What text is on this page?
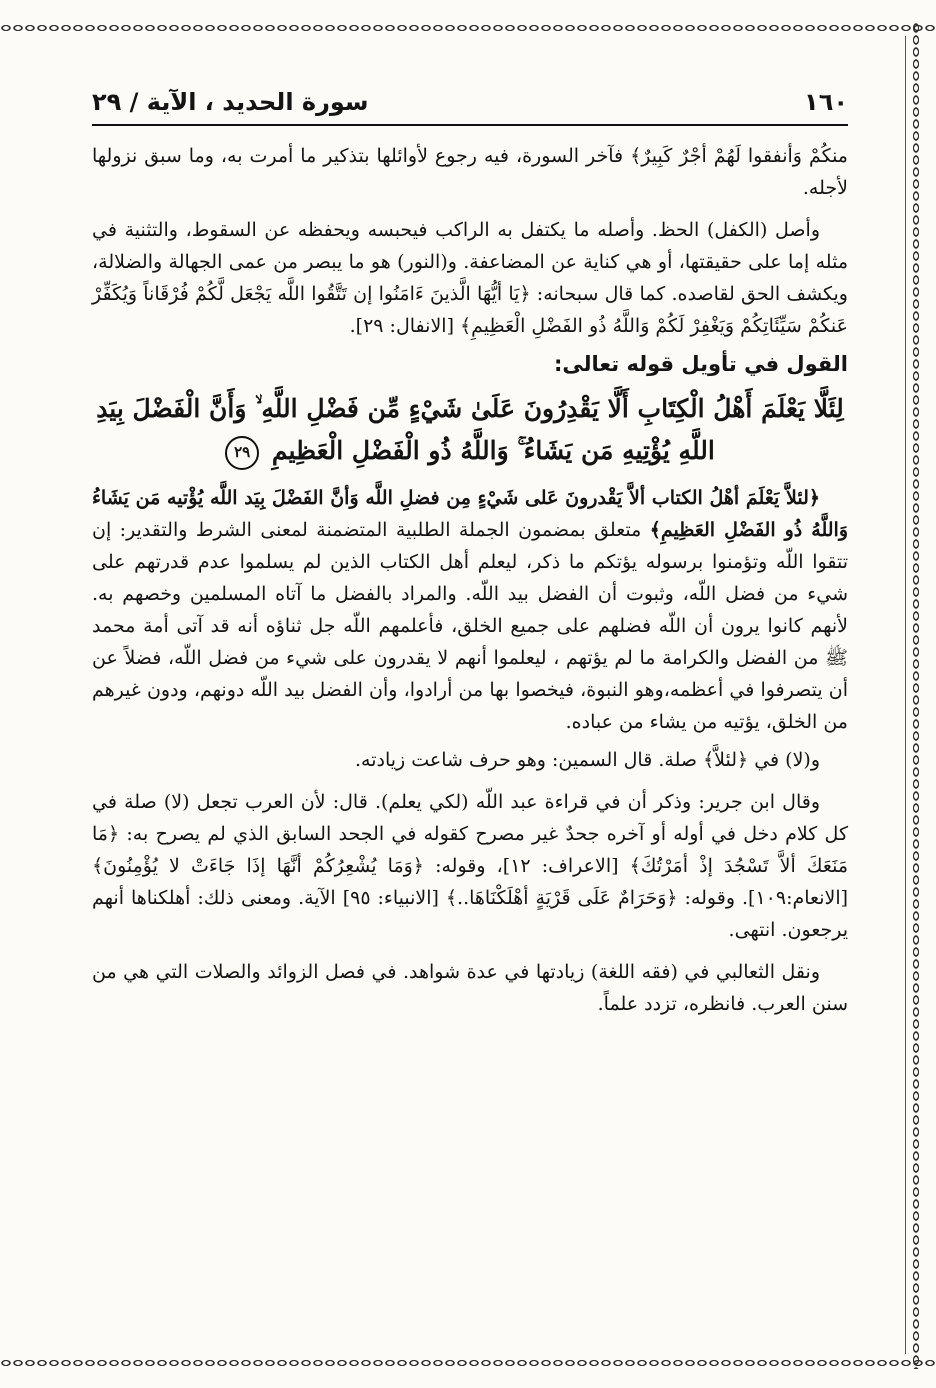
١٦٠
سورة الحديد ، الآية / ٢٩

منكُمْ وَأنفقوا لَهُمْ أجْرٌ كَبِيرٌ﴾ فآخر السورة، فيه رجوع لأوائلها بتذكير ما أمرت به، وما سبق نزولها لأجله.

وأصل (الكفل) الحظ. وأصله ما يكتفل به الراكب فيحبسه ويحفظه عن السقوط، والتثنية في مثله إما على حقيقتها، أو هي كناية عن المضاعفة. و(النور) هو ما يبصر من عمى الجهالة والضلالة، ويكشف الحق لقاصده. كما قال سبحانه: ﴿يَا أيُّهَا الَّذينَ ءَامَنُوا إن تَتَّقُوا اللَّه يَجْعَل لَّكُمْ فُرْقَاناً وَيُكَفِّرْ عَنكُمْ سَيِّئَاتِكُمْ وَيَغْفِرْ لَكُمْ وَاللَّهُ ذُو الفَضْلِ الْعَظِيمِ﴾ [الانفال: ٢٩].

القول في تأويل قوله تعالى:
لِئَلَّا يَعْلَمَ أَهْلُ الْكِتَابِ أَلَّا يَقْدِرُونَ عَلَىٰ شَيْءٍ مِّن فَضْلِ اللَّهِ ۙ وَأَنَّ الْفَضْلَ بِيَدِ اللَّهِ يُؤْتِيهِ مَن يَشَاءُ ۚ وَاللَّهُ ذُو الْفَضْلِ الْعَظِيمِ ٢٩

﴿لئلاَّ يَعْلَمَ أهْلُ الكتاب ألاَّ يَقْدرونَ عَلى شَيْءٍ مِن فضلِ اللَّه وَأنَّ الفَضْلَ بِيَد اللَّه يُؤْتيه مَن يَشَاءُ وَاللَّهُ ذُو الفَضْلِ العَظِيمِ﴾ متعلق بمضمون الجملة الطلبية المتضمنة لمعنى الشرط والتقدير: إن تتقوا اللّه وتؤمنوا برسوله يؤتكم ما ذكر، ليعلم أهل الكتاب الذين لم يسلموا عدم قدرتهم على شيء من فضل اللّه، وثبوت أن الفضل بيد اللّه. والمراد بالفضل ما آتاه المسلمين وخصهم به. لأنهم كانوا يرون أن اللّه فضلهم على جميع الخلق، فأعلمهم اللّه جل ثناؤه أنه قد آتى أمة محمد ﷺ من الفضل والكرامة ما لم يؤتهم ، ليعلموا أنهم لا يقدرون على شيء من فضل اللّه، فضلاً عن أن يتصرفوا في أعظمه،وهو النبوة، فيخصوا بها من أرادوا، وأن الفضل بيد اللّه دونهم، ودون غيرهم من الخلق، يؤتيه من يشاء من عباده.

و(لا) في ﴿لئلاَّ﴾ صلة. قال السمين: وهو حرف شاعت زيادته.

وقال ابن جرير: وذكر أن في قراءة عبد اللّه (لكي يعلم). قال: لأن العرب تجعل (لا) صلة في كل كلام دخل في أوله أو آخره جحدٌ غير مصرح كقوله في الجحد السابق الذي لم يصرح به: ﴿مَا مَنَعَكَ ألاَّ تَسْجُدَ إذْ أمَرْتُكَ﴾ [الاعراف: ١٢]، وقوله: ﴿وَمَا يُشْعِرُكُمْ أنَّهَا إذَا جَاءَتْ لا يُؤْمِنُونَ﴾ [الانعام:١٠٩]. وقوله: ﴿وَحَرَامٌ عَلَى قَرْيَةٍ أهْلَكْنَاهَا..﴾ [الانبياء: ٩٥] الآية. ومعنى ذلك: أهلكناها أنهم يرجعون. انتهى.

ونقل الثعالبي في (فقه اللغة) زيادتها في عدة شواهد. في فصل الزوائد والصلات التي هي من سنن العرب. فانظره، تزدد علماً.
